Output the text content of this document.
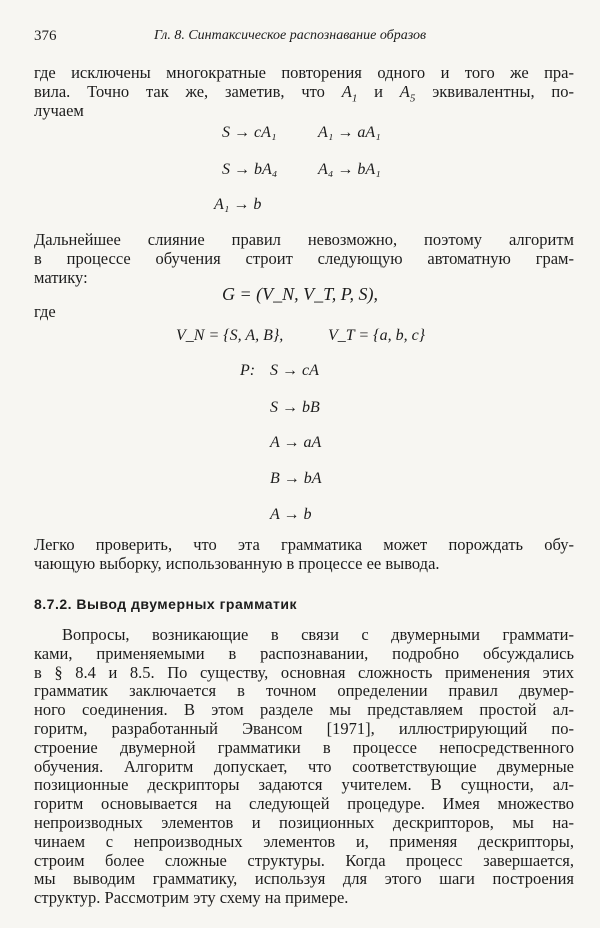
376	Гл. 8. Синтаксическое распознавание образов
где исключены многократные повторения одного и того же пра-
вила. Точно так же, заметив, что $A_1$ и $A_5$ эквивалентны, по-
лучаем
S → cA₁	A₁ → aA₁
S → bA₄	A₄ → bA₁
A₁ → b
Дальнейшее слияние правил невозможно, поэтому алгоритм
в процессе обучения строит следующую автоматную грам-
матику:
G = (V_N, V_T, P, S),
где
V_N = {S, A, B},	V_T = {a, b, c}
P: S → cA
S → bB
A → aA
B → bA
A → b
Легко проверить, что эта грамматика может порождать обу-
чающую выборку, использованную в процессе ее вывода.
8.7.2. Вывод двумерных грамматик
Вопросы, возникающие в связи с двумерными граммати-
ками, применяемыми в распознавании, подробно обсуждались
в § 8.4 и 8.5. По существу, основная сложность применения этих
грамматик заключается в точном определении правил двумер-
ного соединения. В этом разделе мы представляем простой ал-
горитм, разработанный Эвансом [1971], иллюстрирующий по-
строение двумерной грамматики в процессе непосредственного
обучения. Алгоритм допускает, что соответствующие двумерные
позиционные дескрипторы задаются учителем. В сущности, ал-
горитм основывается на следующей процедуре. Имея множество
непроизводных элементов и позиционных дескрипторов, мы на-
чинаем с непроизводных элементов и, применяя дескрипторы,
строим более сложные структуры. Когда процесс завершается,
мы выводим грамматику, используя для этого шаги построения
структур. Рассмотрим эту схему на примере.
